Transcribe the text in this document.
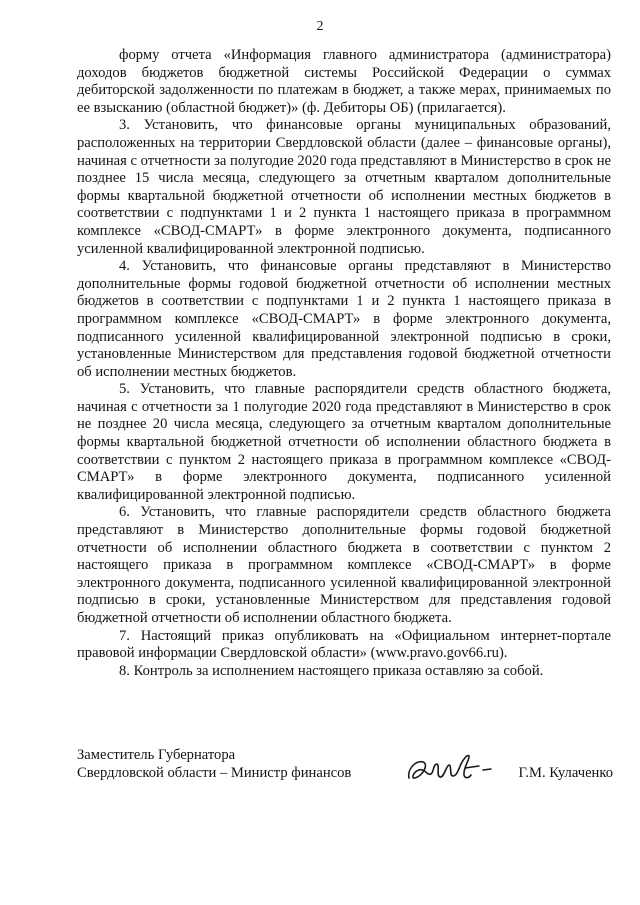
2

форму отчета «Информация главного администратора (администратора) доходов бюджетов бюджетной системы Российской Федерации о суммах дебиторской задолженности по платежам в бюджет, а также мерах, принимаемых по ее взысканию (областной бюджет)» (ф. Дебиторы ОБ) (прилагается).

3. Установить, что финансовые органы муниципальных образований, расположенных на территории Свердловской области (далее – финансовые органы), начиная с отчетности за полугодие 2020 года представляют в Министерство в срок не позднее 15 числа месяца, следующего за отчетным кварталом дополнительные формы квартальной бюджетной отчетности об исполнении местных бюджетов в соответствии с подпунктами 1 и 2 пункта 1 настоящего приказа в программном комплексе «СВОД-СМАРТ» в форме электронного документа, подписанного усиленной квалифицированной электронной подписью.

4. Установить, что финансовые органы представляют в Министерство дополнительные формы годовой бюджетной отчетности об исполнении местных бюджетов в соответствии с подпунктами 1 и 2 пункта 1 настоящего приказа в программном комплексе «СВОД-СМАРТ» в форме электронного документа, подписанного усиленной квалифицированной электронной подписью в сроки, установленные Министерством для представления годовой бюджетной отчетности об исполнении местных бюджетов.

5. Установить, что главные распорядители средств областного бюджета, начиная с отчетности за 1 полугодие 2020 года представляют в Министерство в срок не позднее 20 числа месяца, следующего за отчетным кварталом дополнительные формы квартальной бюджетной отчетности об исполнении областного бюджета в соответствии с пунктом 2 настоящего приказа в программном комплексе «СВОД-СМАРТ» в форме электронного документа, подписанного усиленной квалифицированной электронной подписью.

6. Установить, что главные распорядители средств областного бюджета представляют в Министерство дополнительные формы годовой бюджетной отчетности об исполнении областного бюджета в соответствии с пунктом 2 настоящего приказа в программном комплексе «СВОД-СМАРТ» в форме электронного документа, подписанного усиленной квалифицированной электронной подписью в сроки, установленные Министерством для представления годовой бюджетной отчетности об исполнении областного бюджета.

7. Настоящий приказ опубликовать на «Официальном интернет-портале правовой информации Свердловской области» (www.pravo.gov66.ru).

8. Контроль за исполнением настоящего приказа оставляю за собой.

Заместитель Губернатора
Свердловской области – Министр финансов	Г.М. Кулаченко
